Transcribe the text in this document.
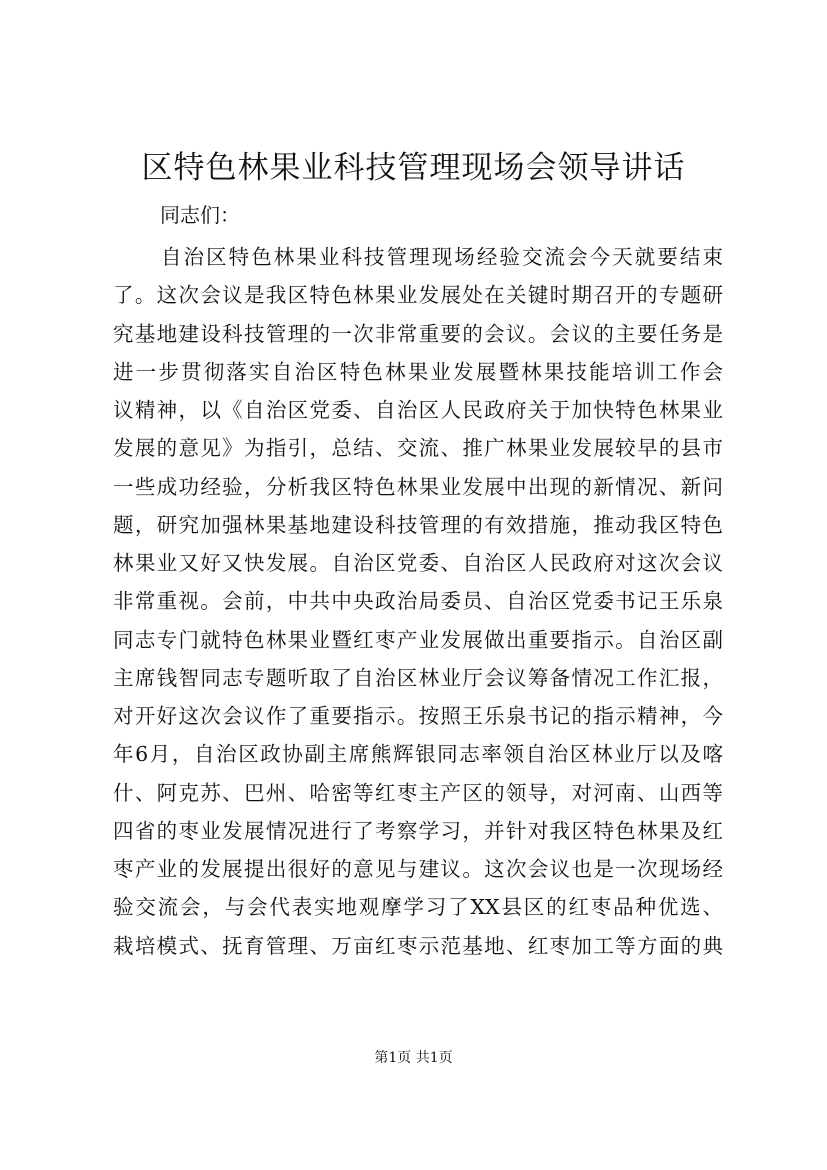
区特色林果业科技管理现场会领导讲话

同志们：

自治区特色林果业科技管理现场经验交流会今天就要结束
了。这次会议是我区特色林果业发展处在关键时期召开的专题研
究基地建设科技管理的一次非常重要的会议。会议的主要任务是
进一步贯彻落实自治区特色林果业发展暨林果技能培训工作会
议精神，以《自治区党委、自治区人民政府关于加快特色林果业
发展的意见》为指引，总结、交流、推广林果业发展较早的县市
一些成功经验，分析我区特色林果业发展中出现的新情况、新问
题，研究加强林果基地建设科技管理的有效措施，推动我区特色
林果业又好又快发展。自治区党委、自治区人民政府对这次会议
非常重视。会前，中共中央政治局委员、自治区党委书记王乐泉
同志专门就特色林果业暨红枣产业发展做出重要指示。自治区副
主席钱智同志专题听取了自治区林业厅会议筹备情况工作汇报，
对开好这次会议作了重要指示。按照王乐泉书记的指示精神，今
年6月，自治区政协副主席熊辉银同志率领自治区林业厅以及喀
什、阿克苏、巴州、哈密等红枣主产区的领导，对河南、山西等
四省的枣业发展情况进行了考察学习，并针对我区特色林果及红
枣产业的发展提出很好的意见与建议。这次会议也是一次现场经
验交流会，与会代表实地观摩学习了XX县区的红枣品种优选、
栽培模式、抚育管理、万亩红枣示范基地、红枣加工等方面的典
第1页 共1页
